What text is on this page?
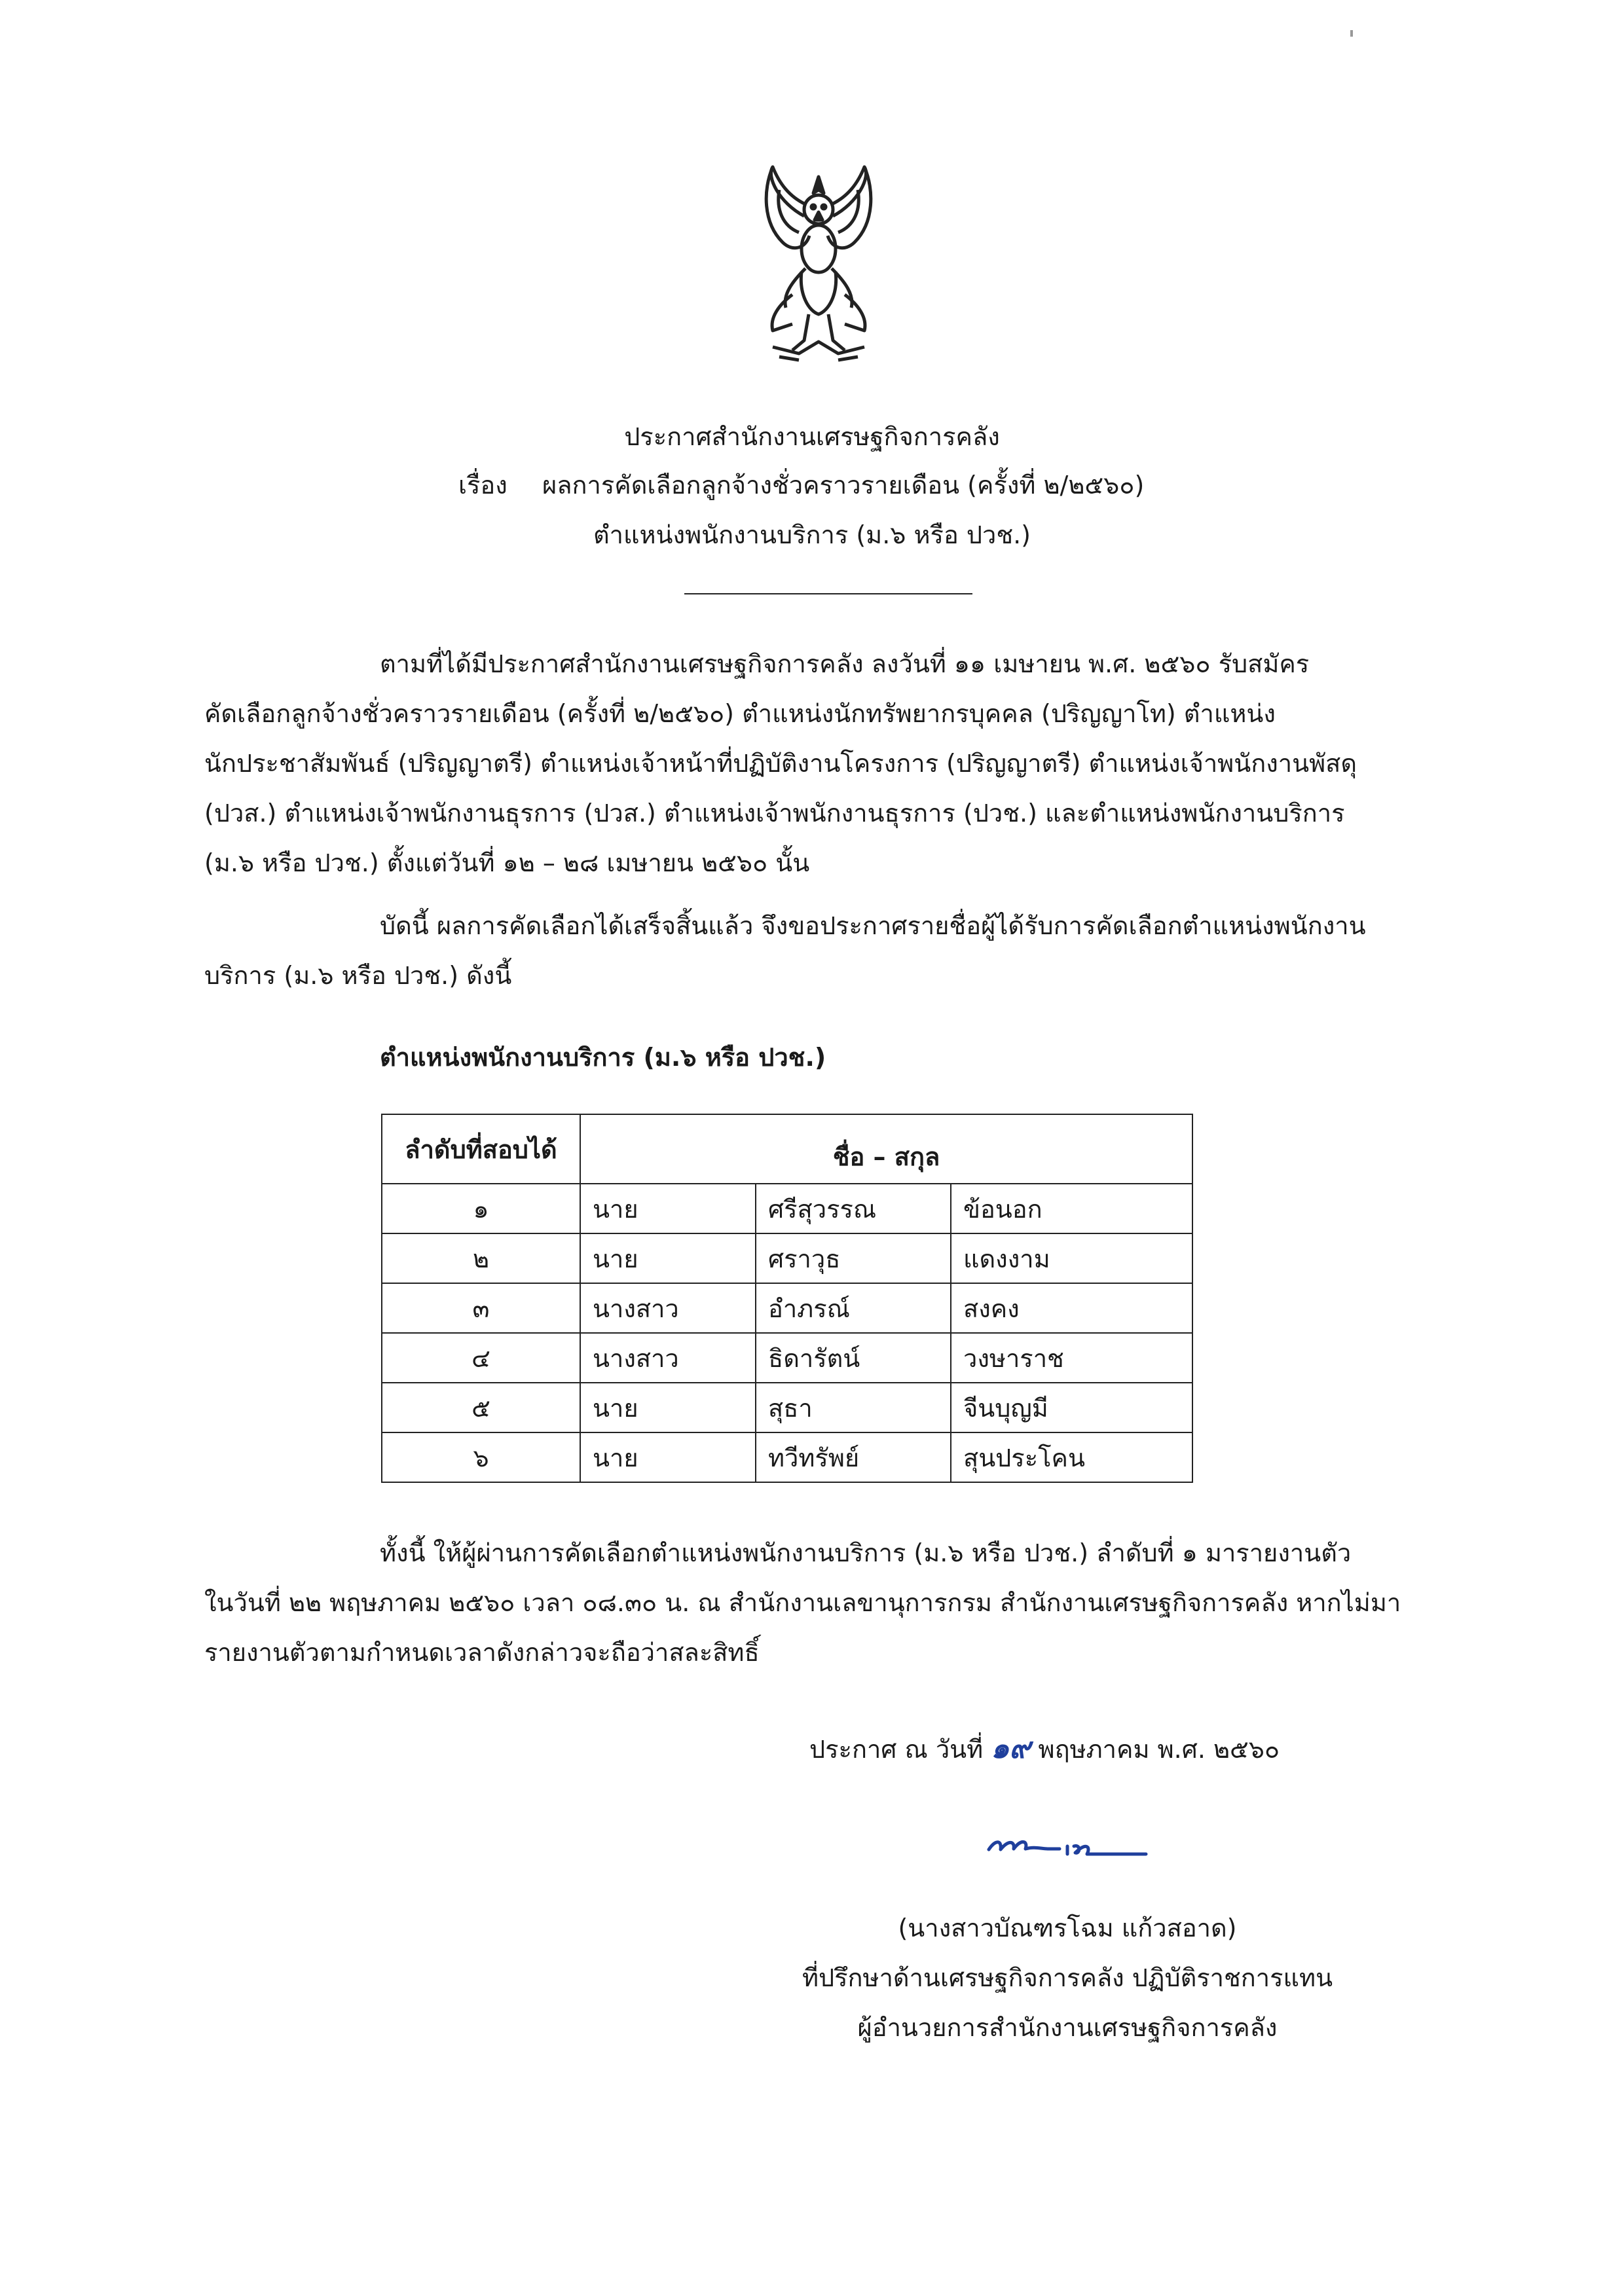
ประกาศสำนักงานเศรษฐกิจการคลัง
เรื่อง ผลการคัดเลือกลูกจ้างชั่วคราวรายเดือน (ครั้งที่ ๒/๒๕๖๐)
ตำแหน่งพนักงานบริการ (ม.๖ หรือ ปวช.)

ตามที่ได้มีประกาศสำนักงานเศรษฐกิจการคลัง ลงวันที่ ๑๑ เมษายน พ.ศ. ๒๕๖๐ รับสมัคร

คัดเลือกลูกจ้างชั่วคราวรายเดือน (ครั้งที่ ๒/๒๕๖๐) ตำแหน่งนักทรัพยากรบุคคล (ปริญญาโท) ตำแหน่ง

นักประชาสัมพันธ์ (ปริญญาตรี) ตำแหน่งเจ้าหน้าที่ปฏิบัติงานโครงการ (ปริญญาตรี) ตำแหน่งเจ้าพนักงานพัสดุ

(ปวส.) ตำแหน่งเจ้าพนักงานธุรการ (ปวส.) ตำแหน่งเจ้าพนักงานธุรการ (ปวช.) และตำแหน่งพนักงานบริการ

(ม.๖ หรือ ปวช.) ตั้งแต่วันที่ ๑๒ – ๒๘ เมษายน ๒๕๖๐ นั้น

บัดนี้ ผลการคัดเลือกได้เสร็จสิ้นแล้ว จึงขอประกาศรายชื่อผู้ได้รับการคัดเลือกตำแหน่งพนักงาน

บริการ (ม.๖ หรือ ปวช.) ดังนี้

ตำแหน่งพนักงานบริการ (ม.๖ หรือ ปวช.)
ลำดับที่สอบได้	ชื่อ – สกุล		
๑	นาย	ศรีสุวรรณ	ข้อนอก
๒	นาย	ศราวุธ	แดงงาม
๓	นางสาว	อำภรณ์	สงคง
๔	นางสาว	ธิดารัตน์	วงษาราช
๕	นาย	สุธา	จีนบุญมี
๖	นาย	ทวีทรัพย์	สุนประโคน

ทั้งนี้ ให้ผู้ผ่านการคัดเลือกตำแหน่งพนักงานบริการ (ม.๖ หรือ ปวช.) ลำดับที่ ๑ มารายงานตัว

ในวันที่ ๒๒ พฤษภาคม ๒๕๖๐ เวลา ๐๘.๓๐ น. ณ สำนักงานเลขานุการกรม สำนักงานเศรษฐกิจการคลัง หากไม่มา

รายงานตัวตามกำหนดเวลาดังกล่าวจะถือว่าสละสิทธิ์

ประกาศ ณ วันที่ ๑๙ พฤษภาคม พ.ศ. ๒๕๖๐
(นางสาวบัณฑรโฉม แก้วสอาด)
ที่ปรึกษาด้านเศรษฐกิจการคลัง ปฏิบัติราชการแทน
ผู้อำนวยการสำนักงานเศรษฐกิจการคลัง
